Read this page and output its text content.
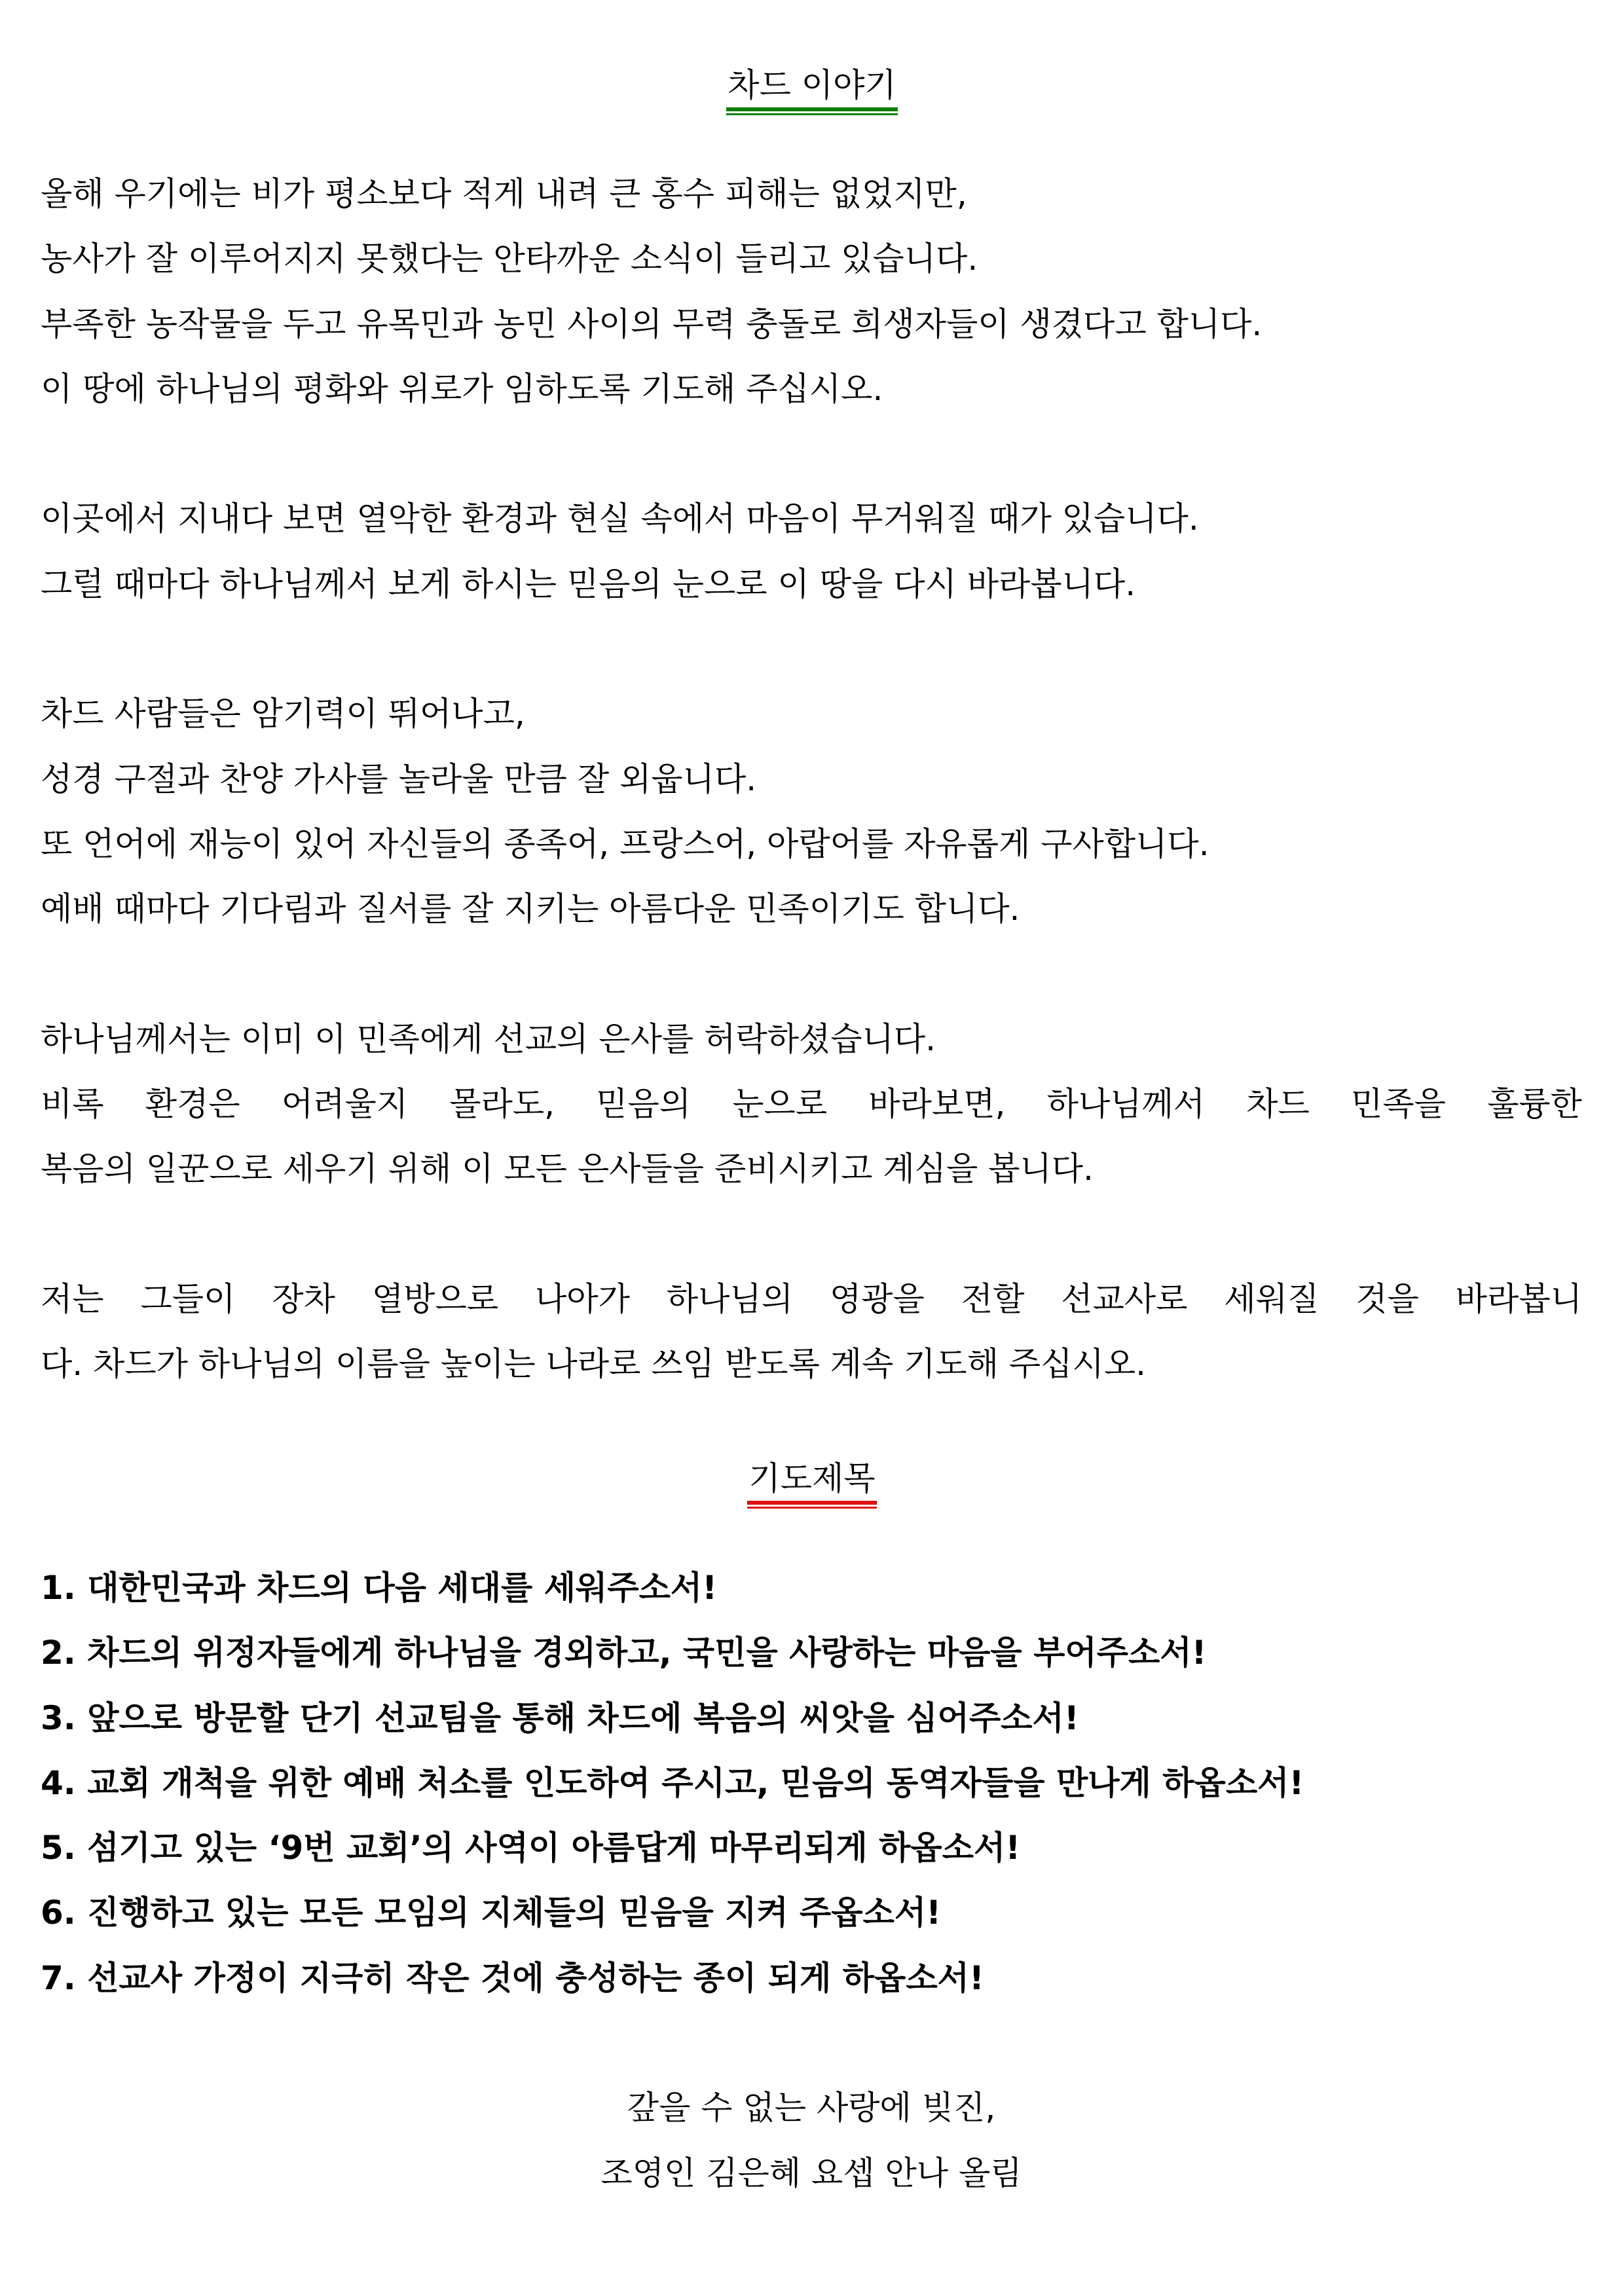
차드 이야기
올해 우기에는 비가 평소보다 적게 내려 큰 홍수 피해는 없었지만,
농사가 잘 이루어지지 못했다는 안타까운 소식이 들리고 있습니다.
부족한 농작물을 두고 유목민과 농민 사이의 무력 충돌로 희생자들이 생겼다고 합니다.
이 땅에 하나님의 평화와 위로가 임하도록 기도해 주십시오.
이곳에서 지내다 보면 열악한 환경과 현실 속에서 마음이 무거워질 때가 있습니다.
그럴 때마다 하나님께서 보게 하시는 믿음의 눈으로 이 땅을 다시 바라봅니다.
차드 사람들은 암기력이 뛰어나고,
성경 구절과 찬양 가사를 놀라울 만큼 잘 외웁니다.
또 언어에 재능이 있어 자신들의 종족어, 프랑스어, 아랍어를 자유롭게 구사합니다.
예배 때마다 기다림과 질서를 잘 지키는 아름다운 민족이기도 합니다.
하나님께서는 이미 이 민족에게 선교의 은사를 허락하셨습니다.
비록 환경은 어려울지 몰라도, 믿음의 눈으로 바라보면, 하나님께서 차드 민족을 훌륭한
복음의 일꾼으로 세우기 위해 이 모든 은사들을 준비시키고 계심을 봅니다.
저는 그들이 장차 열방으로 나아가 하나님의 영광을 전할 선교사로 세워질 것을 바라봅니
다. 차드가 하나님의 이름을 높이는 나라로 쓰임 받도록 계속 기도해 주십시오.
기도제목
1. 대한민국과 차드의 다음 세대를 세워주소서!
2. 차드의 위정자들에게 하나님을 경외하고, 국민을 사랑하는 마음을 부어주소서!
3. 앞으로 방문할 단기 선교팀을 통해 차드에 복음의 씨앗을 심어주소서!
4. 교회 개척을 위한 예배 처소를 인도하여 주시고, 믿음의 동역자들을 만나게 하옵소서!
5. 섬기고 있는 ‘9번 교회’의 사역이 아름답게 마무리되게 하옵소서!
6. 진행하고 있는 모든 모임의 지체들의 믿음을 지켜 주옵소서!
7. 선교사 가정이 지극히 작은 것에 충성하는 종이 되게 하옵소서!
갚을 수 없는 사랑에 빚진,
조영인 김은혜 요셉 안나 올림
